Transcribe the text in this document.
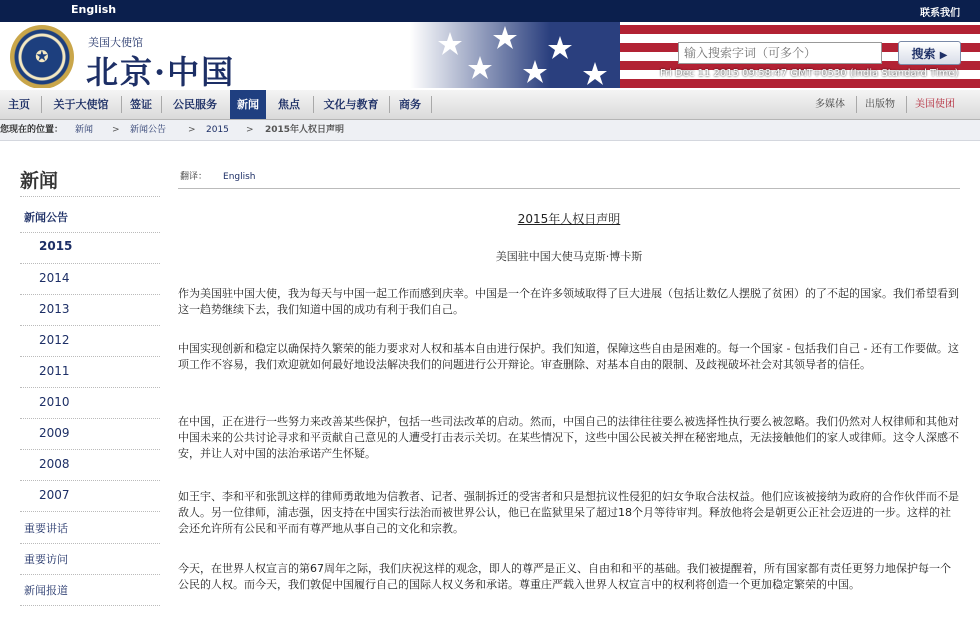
English	联系我们
✪
美国大使馆
北京·中国
输入搜索字词（可多个）	搜索 ▶
Fri Dec 11 2015 09:58:47 GMT+0530 (India Standard Time)
主页	关于大使馆	签证	公民服务	新闻	焦点	文化与教育	商务	多媒体 出版物 美国使团
您现在的位置： 新闻 > 新闻公告 > 2015 > 2015年人权日声明
新闻
新闻公告
2015
2014
2013
2012
2011
2010
2009
2008
2007
重要讲话
重要访问
新闻报道
翻译： English
2015年人权日声明
美国驻中国大使马克斯·博卡斯

作为美国驻中国大使，我为每天与中国一起工作而感到庆幸。中国是一个在许多领域取得了巨大进展（包括让数亿人摆脱了贫困）的了不起的国家。我们希望看到这一趋势继续下去，我们知道中国的成功有利于我们自己。

中国实现创新和稳定以确保持久繁荣的能力要求对人权和基本自由进行保护。我们知道，保障这些自由是困难的。每一个国家 - 包括我们自己 - 还有工作要做。这项工作不容易，我们欢迎就如何最好地设法解决我们的问题进行公开辩论。审查删除、对基本自由的限制、及歧视破坏社会对其领导者的信任。

在中国，正在进行一些努力来改善某些保护，包括一些司法改革的启动。然而，中国自己的法律往往要么被选择性执行要么被忽略。我们仍然对人权律师和其他对中国未来的公共讨论寻求和平贡献自己意见的人遭受打击表示关切。在某些情况下，这些中国公民被关押在秘密地点，无法接触他们的家人或律师。这令人深感不安，并让人对中国的法治承诺产生怀疑。

如王宇、李和平和张凯这样的律师勇敢地为信教者、记者、强制拆迁的受害者和只是想抗议性侵犯的妇女争取合法权益。他们应该被接纳为政府的合作伙伴而不是敌人。另一位律师，浦志强，因支持在中国实行法治而被世界公认，他已在监狱里呆了超过18个月等待审判。释放他将会是朝更公正社会迈进的一步。这样的社会还允许所有公民和平而有尊严地从事自己的文化和宗教。

今天，在世界人权宣言的第67周年之际，我们庆祝这样的观念，即人的尊严是正义、自由和和平的基础。我们被提醒着，所有国家都有责任更努力地保护每一个公民的人权。而今天，我们敦促中国履行自己的国际人权义务和承诺。尊重庄严载入世界人权宣言中的权利将创造一个更加稳定繁荣的中国。
